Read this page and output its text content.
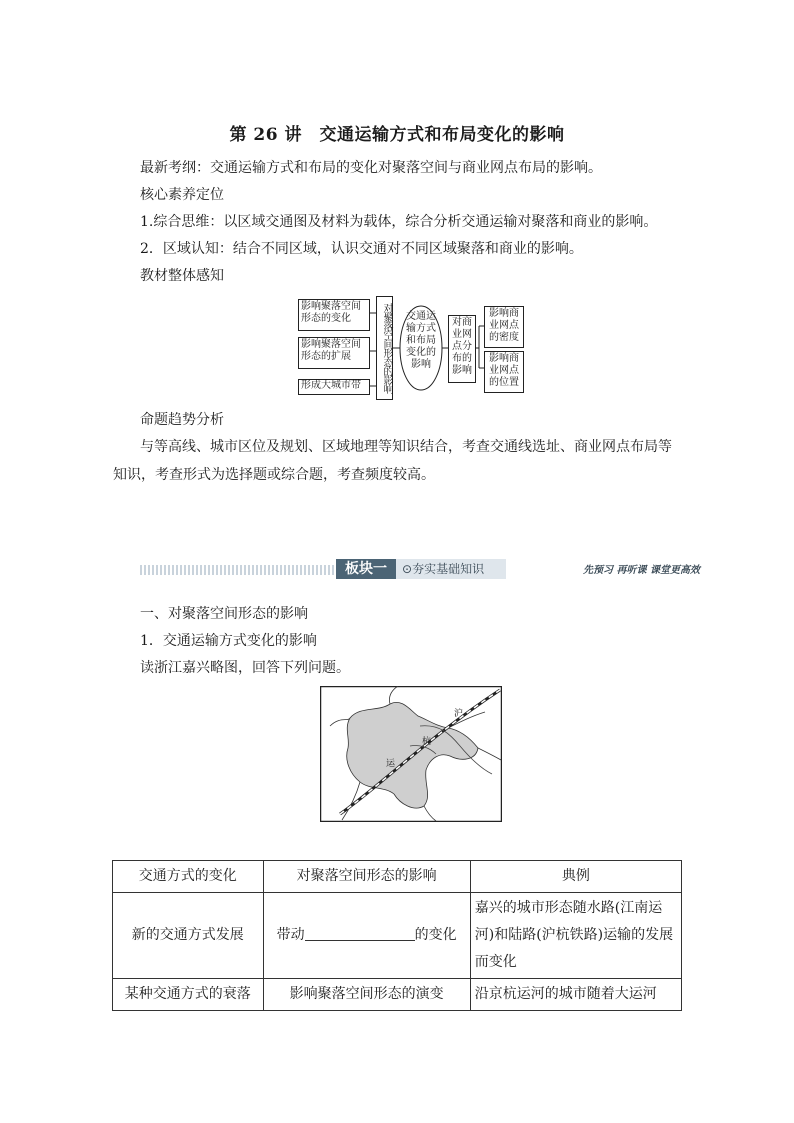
第 26 讲　交通运输方式和布局变化的影响
最新考纲：交通运输方式和布局的变化对聚落空间与商业网点布局的影响。
核心素养定位
1.综合思维：以区域交通图及材料为载体，综合分析交通运输对聚落和商业的影响。
2．区域认知：结合不同区域，认识交通对不同区域聚落和商业的影响。
教材整体感知
影响聚落空间形态的变化
影响聚落空间形态的扩展
形成大城市带	对聚落空间形态的影响 交通运输方式和布局变化的影响
对商业网点分布的影响
影响商业网点的密度
影响商业网点的位置
命题趋势分析
与等高线、城市区位及规划、区域地理等知识结合，考查交通线选址、商业网点布局等知识，考查形式为选择题或综合题，考查频度较高。
板块一	⊙夯实基础知识	先预习 再听课 课堂更高效
一、对聚落空间形态的影响
1．交通运输方式变化的影响
读浙江嘉兴略图，回答下列问题。
沪
杭
运
交通方式的变化	对聚落空间形态的影响	典例
新的交通方式发展	带动 的变化	嘉兴的城市形态随水路(江南运河)和陆路(沪杭铁路)运输的发展而变化
某种交通方式的衰落	影响聚落空间形态的演变	沿京杭运河的城市随着大运河
